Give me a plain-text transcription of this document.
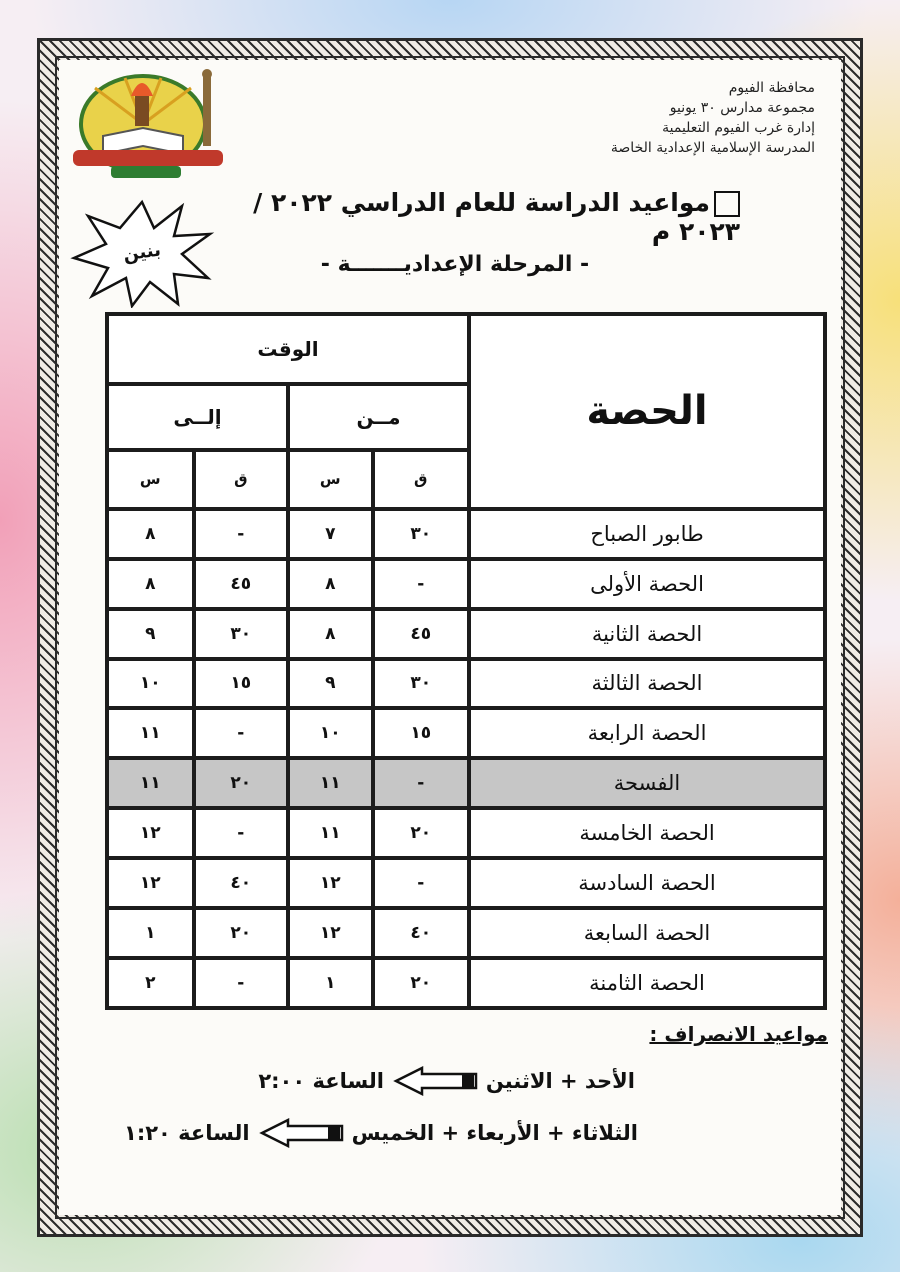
محافظة الفيوم
مجموعة مدارس ٣٠ يونيو
إدارة غرب الفيوم التعليمية
المدرسة الإسلامية الإعدادية الخاصة
مواعيد الدراسة للعام الدراسي ٢٠٢٢ / ٢٠٢٣ م
- المرحلة الإعداديـــــــة -
بنين
الحصة	الوقت			
	مــن		إلــى	
	ق	س	ق	س
طابور الصباح	٣٠	٧	-	٨
الحصة الأولى	-	٨	٤٥	٨
الحصة الثانية	٤٥	٨	٣٠	٩
الحصة الثالثة	٣٠	٩	١٥	١٠
الحصة الرابعة	١٥	١٠	-	١١
الفسحة	-	١١	٢٠	١١
الحصة الخامسة	٢٠	١١	-	١٢
الحصة السادسة	-	١٢	٤٠	١٢
الحصة السابعة	٤٠	١٢	٢٠	١
الحصة الثامنة	٢٠	١	-	٢
مواعيد الانصراف :
الأحد + الاثنين
الساعة ٢:٠٠
الثلاثاء + الأربعاء + الخميس
الساعة ١:٢٠
